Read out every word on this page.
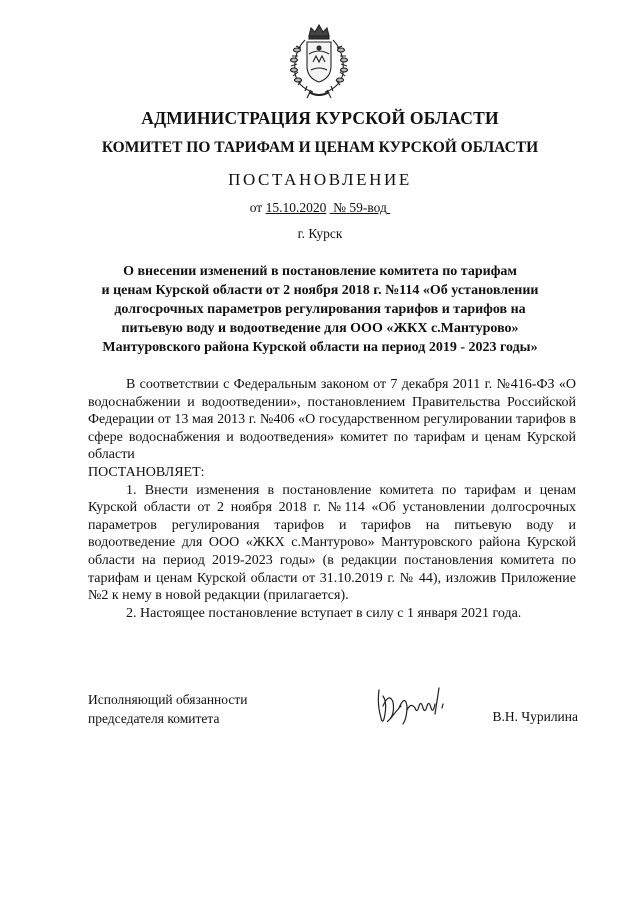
АДМИНИСТРАЦИЯ КУРСКОЙ ОБЛАСТИ
КОМИТЕТ ПО ТАРИФАМ И ЦЕНАМ КУРСКОЙ ОБЛАСТИ
ПОСТАНОВЛЕНИЕ
от 15.10.2020 № 59-вод
г. Курск
О внесении изменений в постановление комитета по тарифам
и ценам Курской области от 2 ноября 2018 г. №114 «Об установлении
долгосрочных параметров регулирования тарифов и тарифов на
питьевую воду и водоотведение для ООО «ЖКХ с.Мантурово»
Мантуровского района Курской области на период 2019 - 2023 годы»

В соответствии с Федеральным законом от 7 декабря 2011 г. №416-ФЗ «О водоснабжении и водоотведении», постановлением Правительства Российской Федерации от 13 мая 2013 г. №406 «О государственном регулировании тарифов в сфере водоснабжения и водоотведения» комитет по тарифам и ценам Курской области

ПОСТАНОВЛЯЕТ:

1. Внести изменения в постановление комитета по тарифам и ценам Курской области от 2 ноября 2018 г. №114 «Об установлении долгосрочных параметров регулирования тарифов и тарифов на питьевую воду и водоотведение для ООО «ЖКХ с.Мантурово» Мантуровского района Курской области на период 2019-2023 годы» (в редакции постановления комитета по тарифам и ценам Курской области от 31.10.2019 г. № 44), изложив Приложение №2 к нему в новой редакции (прилагается).

2. Настоящее постановление вступает в силу с 1 января 2021 года.

Исполняющий обязанности
председателя комитета	В.Н. Чурилина
